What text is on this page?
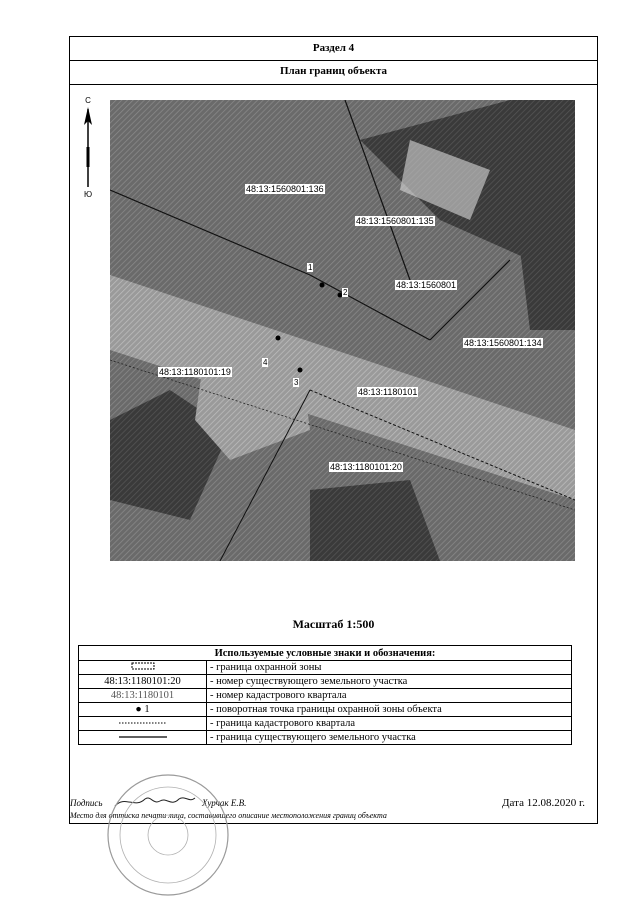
Раздел 4
План границ объекта
С
Ю
48:13:1560801:136
48:13:1560801:135
48:13:1560801
48:13:1560801:134
48:13:1180101:19
48:13:1180101
48:13:1180101:20
1
2
4
3
Масштаб 1:500
Используемые условные знаки и обозначения:	
	- граница охранной зоны
48:13:1180101:20	- номер существующего земельного участка
48:13:1180101	- номер кадастрового квартала
● 1	- поворотная точка границы охранной зоны объекта
	- граница кадастрового квартала
	- граница существующего земельного участка
Подпись	Хурчак Е.В.	Дата 12.08.2020 г.
Место для оттиска печати лица, составившего описание местоположения границ объекта
